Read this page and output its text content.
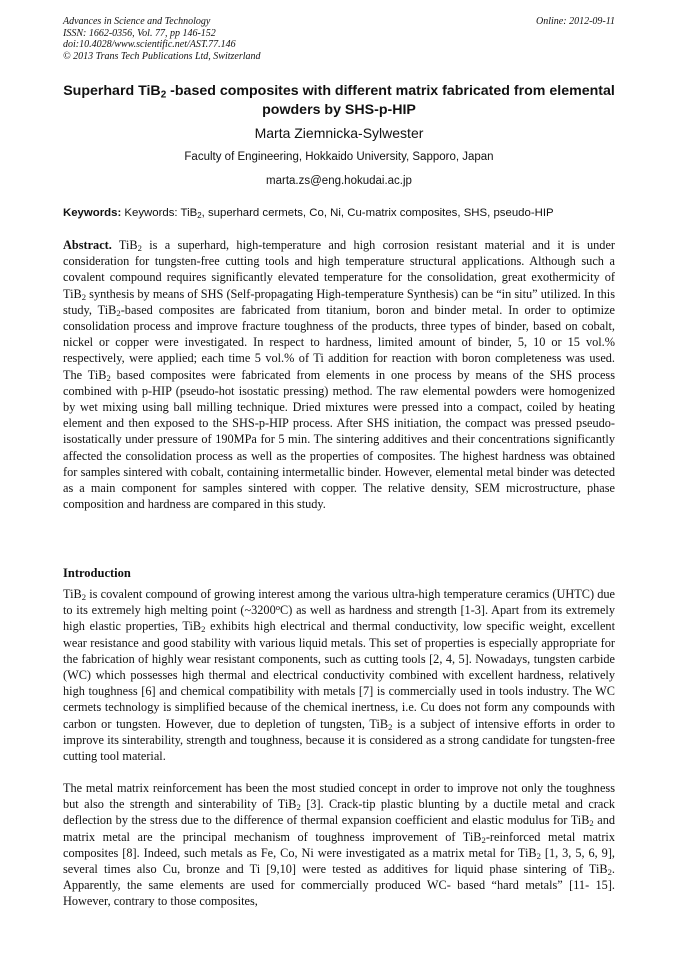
Advances in Science and Technology
ISSN: 1662-0356, Vol. 77, pp 146-152
doi:10.4028/www.scientific.net/AST.77.146
© 2013 Trans Tech Publications Ltd, Switzerland
Online: 2012-09-11
Superhard TiB$_2$ -based composites with different matrix fabricated from elemental powders by SHS-p-HIP
Marta Ziemnicka-Sylwester
Faculty of Engineering, Hokkaido University, Sapporo, Japan
marta.zs@eng.hokudai.ac.jp
Keywords: Keywords: TiB$_2$, superhard cermets, Co, Ni, Cu-matrix composites, SHS, pseudo-HIP

Abstract. TiB$_2$ is a superhard, high-temperature and high corrosion resistant material and it is under consideration for tungsten-free cutting tools and high temperature structural applications. Although such a covalent compound requires significantly elevated temperature for the consolidation, great exothermicity of TiB$_2$ synthesis by means of SHS (Self-propagating High-temperature Synthesis) can be “in situ” utilized. In this study, TiB$_2$-based composites are fabricated from titanium, boron and binder metal. In order to optimize consolidation process and improve fracture toughness of the products, three types of binder, based on cobalt, nickel or copper were investigated. In respect to hardness, limited amount of binder, 5, 10 or 15 vol.% respectively, were applied; each time 5 vol.% of Ti addition for reaction with boron completeness was used. The TiB$_2$ based composites were fabricated from elements in one process by means of the SHS process combined with p-HIP (pseudo-hot isostatic pressing) method. The raw elemental powders were homogenized by wet mixing using ball milling technique. Dried mixtures were pressed into a compact, coiled by heating element and then exposed to the SHS-p-HIP process. After SHS initiation, the compact was pressed pseudo-isostatically under pressure of 190MPa for 5 min. The sintering additives and their concentrations significantly affected the consolidation process as well as the properties of composites. The highest hardness was obtained for samples sintered with cobalt, containing intermetallic binder. However, elemental metal binder was detected as a main component for samples sintered with copper. The relative density, SEM microstructure, phase composition and hardness are compared in this study.

Introduction

TiB$_2$ is covalent compound of growing interest among the various ultra-high temperature ceramics (UHTC) due to its extremely high melting point (~3200$^o$C) as well as hardness and strength [1-3]. Apart from its extremely high elastic properties, TiB$_2$ exhibits high electrical and thermal conductivity, low specific weight, excellent wear resistance and good stability with various liquid metals. This set of properties is especially appropriate for the fabrication of highly wear resistant components, such as cutting tools [2, 4, 5]. Nowadays, tungsten carbide (WC) which possesses high thermal and electrical conductivity combined with excellent hardness, relatively high toughness [6] and chemical compatibility with metals [7] is commercially used in tools industry. The WC cermets technology is simplified because of the chemical inertness, i.e. Cu does not form any compounds with carbon or tungsten. However, due to depletion of tungsten, TiB$_2$ is a subject of intensive efforts in order to improve its sinterability, strength and toughness, because it is considered as a strong candidate for tungsten-free cutting tool material.

The metal matrix reinforcement has been the most studied concept in order to improve not only the toughness but also the strength and sinterability of TiB$_2$ [3]. Crack-tip plastic blunting by a ductile metal and crack deflection by the stress due to the difference of thermal expansion coefficient and elastic modulus for TiB$_2$ and matrix metal are the principal mechanism of toughness improvement of TiB$_2$-reinforced metal matrix composites [8]. Indeed, such metals as Fe, Co, Ni were investigated as a matrix metal for TiB$_2$ [1, 3, 5, 6, 9], several times also Cu, bronze and Ti [9,10] were tested as additives for liquid phase sintering of TiB$_2$. Apparently, the same elements are used for commercially produced WC- based “hard metals” [11- 15]. However, contrary to those composites,
